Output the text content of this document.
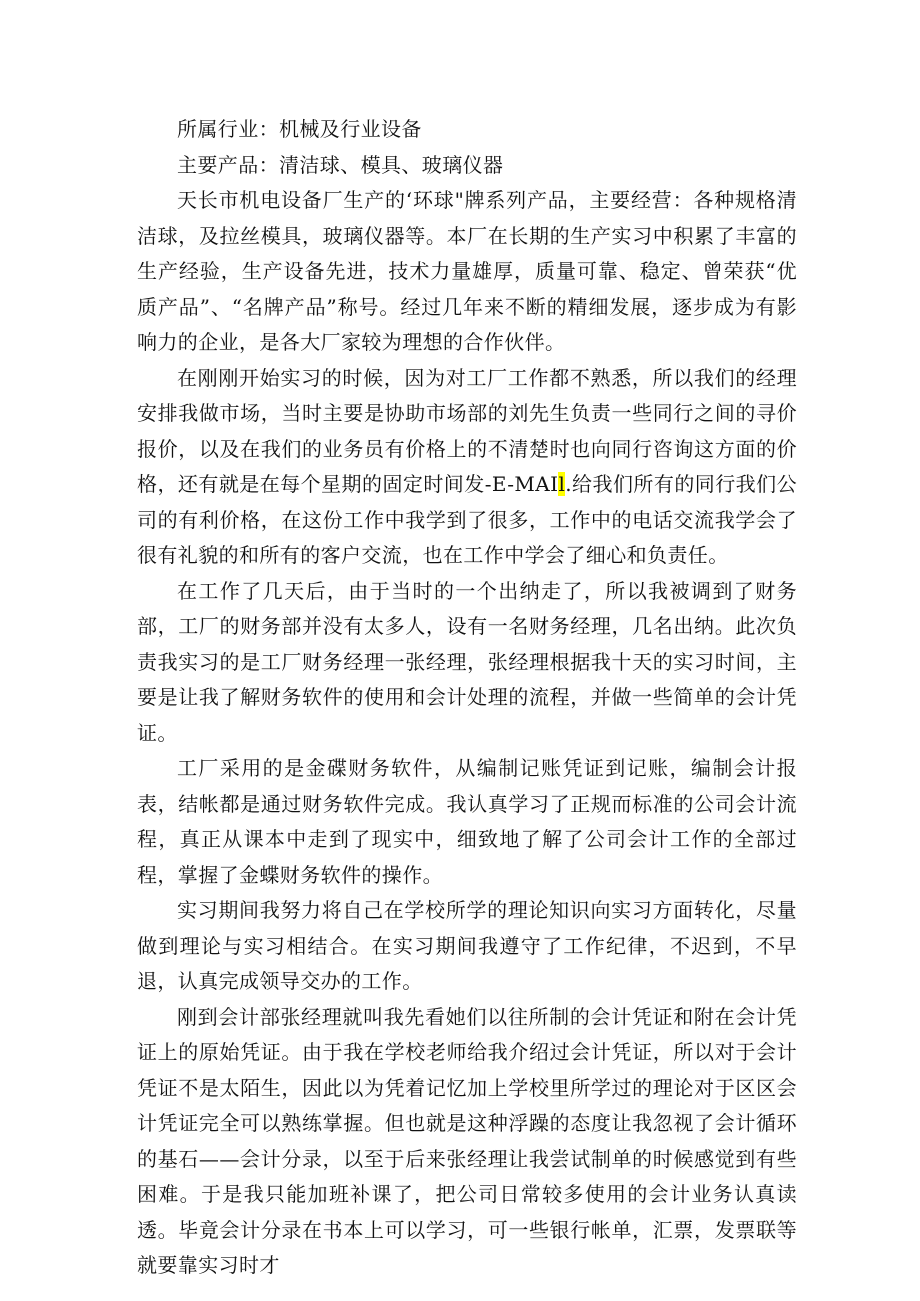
所属行业：机械及行业设备

主要产品：清洁球、模具、玻璃仪器

天长市机电设备厂生产的‘环球"牌系列产品，主要经营：各种规格清洁球，及拉丝模具，玻璃仪器等。本厂在长期的生产实习中积累了丰富的生产经验，生产设备先进，技术力量雄厚，质量可靠、稳定、曾荣获“优质产品”、“名牌产品”称号。经过几年来不断的精细发展，逐步成为有影响力的企业，是各大厂家较为理想的合作伙伴。

在刚刚开始实习的时候，因为对工厂工作都不熟悉，所以我们的经理安排我做市场，当时主要是协助市场部的刘先生负责一些同行之间的寻价报价，以及在我们的业务员有价格上的不清楚时也向同行咨询这方面的价格，还有就是在每个星期的固定时间发-E-MAIl.给我们所有的同行我们公司的有利价格，在这份工作中我学到了很多，工作中的电话交流我学会了很有礼貌的和所有的客户交流，也在工作中学会了细心和负责任。

在工作了几天后，由于当时的一个出纳走了，所以我被调到了财务部，工厂的财务部并没有太多人，设有一名财务经理，几名出纳。此次负责我实习的是工厂财务经理一张经理，张经理根据我十天的实习时间，主要是让我了解财务软件的使用和会计处理的流程，并做一些简单的会计凭证。

工厂采用的是金碟财务软件，从编制记账凭证到记账，编制会计报表，结帐都是通过财务软件完成。我认真学习了正规而标准的公司会计流程，真正从课本中走到了现实中，细致地了解了公司会计工作的全部过程，掌握了金蝶财务软件的操作。

实习期间我努力将自己在学校所学的理论知识向实习方面转化，尽量做到理论与实习相结合。在实习期间我遵守了工作纪律，不迟到，不早退，认真完成领导交办的工作。

刚到会计部张经理就叫我先看她们以往所制的会计凭证和附在会计凭证上的原始凭证。由于我在学校老师给我介绍过会计凭证，所以对于会计凭证不是太陌生，因此以为凭着记忆加上学校里所学过的理论对于区区会计凭证完全可以熟练掌握。但也就是这种浮躁的态度让我忽视了会计循环的基石——会计分录，以至于后来张经理让我尝试制单的时候感觉到有些困难。于是我只能加班补课了，把公司日常较多使用的会计业务认真读透。毕竟会计分录在书本上可以学习，可一些银行帐单，汇票，发票联等就要靠实习时才
